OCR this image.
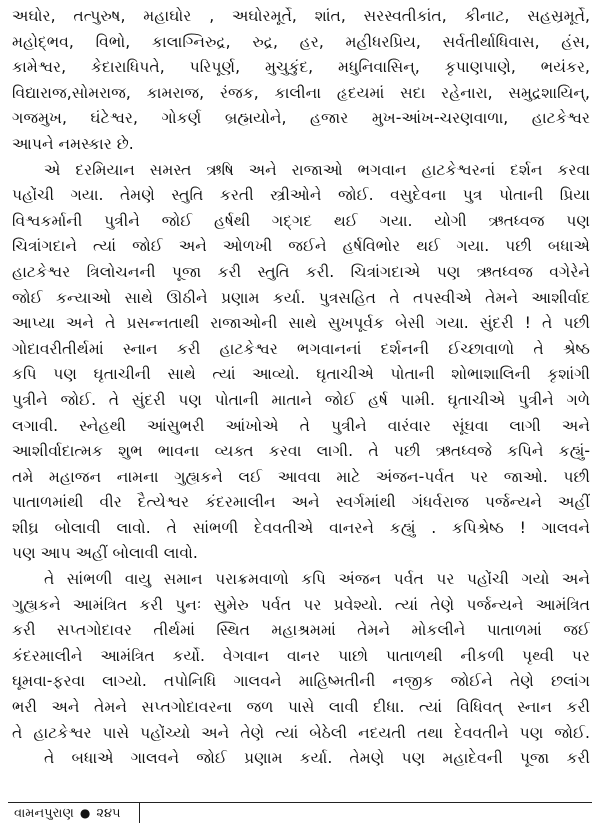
અઘોર, તત્પુરુષ, મહાઘોર , અઘોરમૂર્તે, શાંત, સરસ્વતીકાંત, કીનાટ, સહસ્રમૂર્તે,
મહોદ્ભવ, વિભો, કાલાગ્નિરુદ્ર, રુદ્ર, હર, મહીધરપ્રિય, સર્વતીર્થાધિવાસ, હંસ,
કામેશ્વર, કેદારાધિપતે, પરિપૂર્ણ, મુચુકુંદ, મધુનિવાસિન્, કૃપાણપાણે, ભયંકર,
વિદ્યારાજ,સોમરાજ, કામરાજ, રંજક, કાલીના હૃદયમાં સદા રહેનારા, સમુદ્રશાયિન્,
ગજમુખ, ઘંટેશ્વર, ગોકર્ણ બ્રહ્મયોને, હજાર મુખ-આંખ-ચરણવાળા, હાટકેશ્વર
આપને નમસ્કાર છે.
એ દરમિયાન સમસ્ત ઋષિ અને રાજાઓ ભગવાન હાટકેશ્વરનાં દર્શન કરવા
પહોંચી ગયા. તેમણે સ્તુતિ કરતી સ્ત્રીઓને જોઈ. વસુદેવના પુત્ર પોતાની પ્રિયા
વિશ્વકર્માની પુત્રીને જોઈ હર્ષથી ગદ્ગદ થઈ ગયા. યોગી ઋતધ્વજ પણ
ચિત્રાંગદાને ત્યાં જોઈ અને ઓળખી જઈને હર્ષવિભોર થઈ ગયા. પછી બધાએ
હાટકેશ્વર ત્રિલોચનની પૂજા કરી સ્તુતિ કરી. ચિત્રાંગદાએ પણ ઋતધ્વજ વગેરેને
જોઈ કન્યાઓ સાથે ઊઠીને પ્રણામ કર્યા. પુત્રસહિત તે તપસ્વીએ તેમને આશીર્વાદ
આપ્યા અને તે પ્રસન્નતાથી રાજાઓની સાથે સુખપૂર્વક બેસી ગયા. સુંદરી ! તે પછી
ગોદાવરીતીર્થમાં સ્નાન કરી હાટકેશ્વર ભગવાનનાં દર્શનની ઈચ્છાવાળો તે શ્રેષ્ઠ
કપિ પણ ઘૃતાચીની સાથે ત્યાં આવ્યો. ઘૃતાચીએ પોતાની શોભાશાલિની કૃશાંગી
પુત્રીને જોઈ. તે સુંદરી પણ પોતાની માતાને જોઈ હર્ષ પામી. ઘૃતાચીએ પુત્રીને ગળે
લગાવી. સ્નેહથી આંસુભરી આંખોએ તે પુત્રીને વારંવાર સૂંઘવા લાગી અને
આશીર્વાદાત્મક શુભ ભાવના વ્યક્ત કરવા લાગી. તે પછી ઋતધ્વજે કપિને કહ્યું-
તમે મહાજન નામના ગુહ્યકને લઈ આવવા માટે અંજન-પર્વત પર જાઓ. પછી
પાતાળમાંથી વીર દૈત્યેશ્વર કંદરમાલીન અને સ્વર્ગમાંથી ગંધર્વરાજ પર્જન્યને અહીં
શીઘ્ર બોલાવી લાવો. તે સાંભળી દેવવતીએ વાનરને કહ્યું . કપિશ્રેષ્ઠ ! ગાલવને
પણ આપ અહીં બોલાવી લાવો.
તે સાંભળી વાયુ સમાન પરાક્રમવાળો કપિ અંજન પર્વત પર પહોંચી ગયો અને
ગુહ્યકને આમંત્રિત કરી પુનઃ સુમેરુ પર્વત પર પ્રવેશ્યો. ત્યાં તેણે પર્જન્યને આમંત્રિત
કરી સપ્તગોદાવર તીર્થમાં સ્થિત મહાશ્રમમાં તેમને મોકલીને પાતાળમાં જઈ
કંદરમાલીને આમંત્રિત કર્યો. વેગવાન વાનર પાછો પાતાળથી નીકળી પૃથ્વી પર
ઘૂમવા-ફરવા લાગ્યો. તપોનિધિ ગાલવને માહિષ્મતીની નજીક જોઈને તેણે છલાંગ
ભરી અને તેમને સપ્તગોદાવરના જળ પાસે લાવી દીધા. ત્યાં વિધિવત્ સ્નાન કરી
તે હાટકેશ્વર પાસે પહોંચ્યો અને તેણે ત્યાં બેઠેલી નદયતી તથા દેવવતીને પણ જોઈ.
તે બધાએ ગાલવને જોઈ પ્રણામ કર્યા. તેમણે પણ મહાદેવની પૂજા કરી
વામનપુરાણ ● ૨૪૫
